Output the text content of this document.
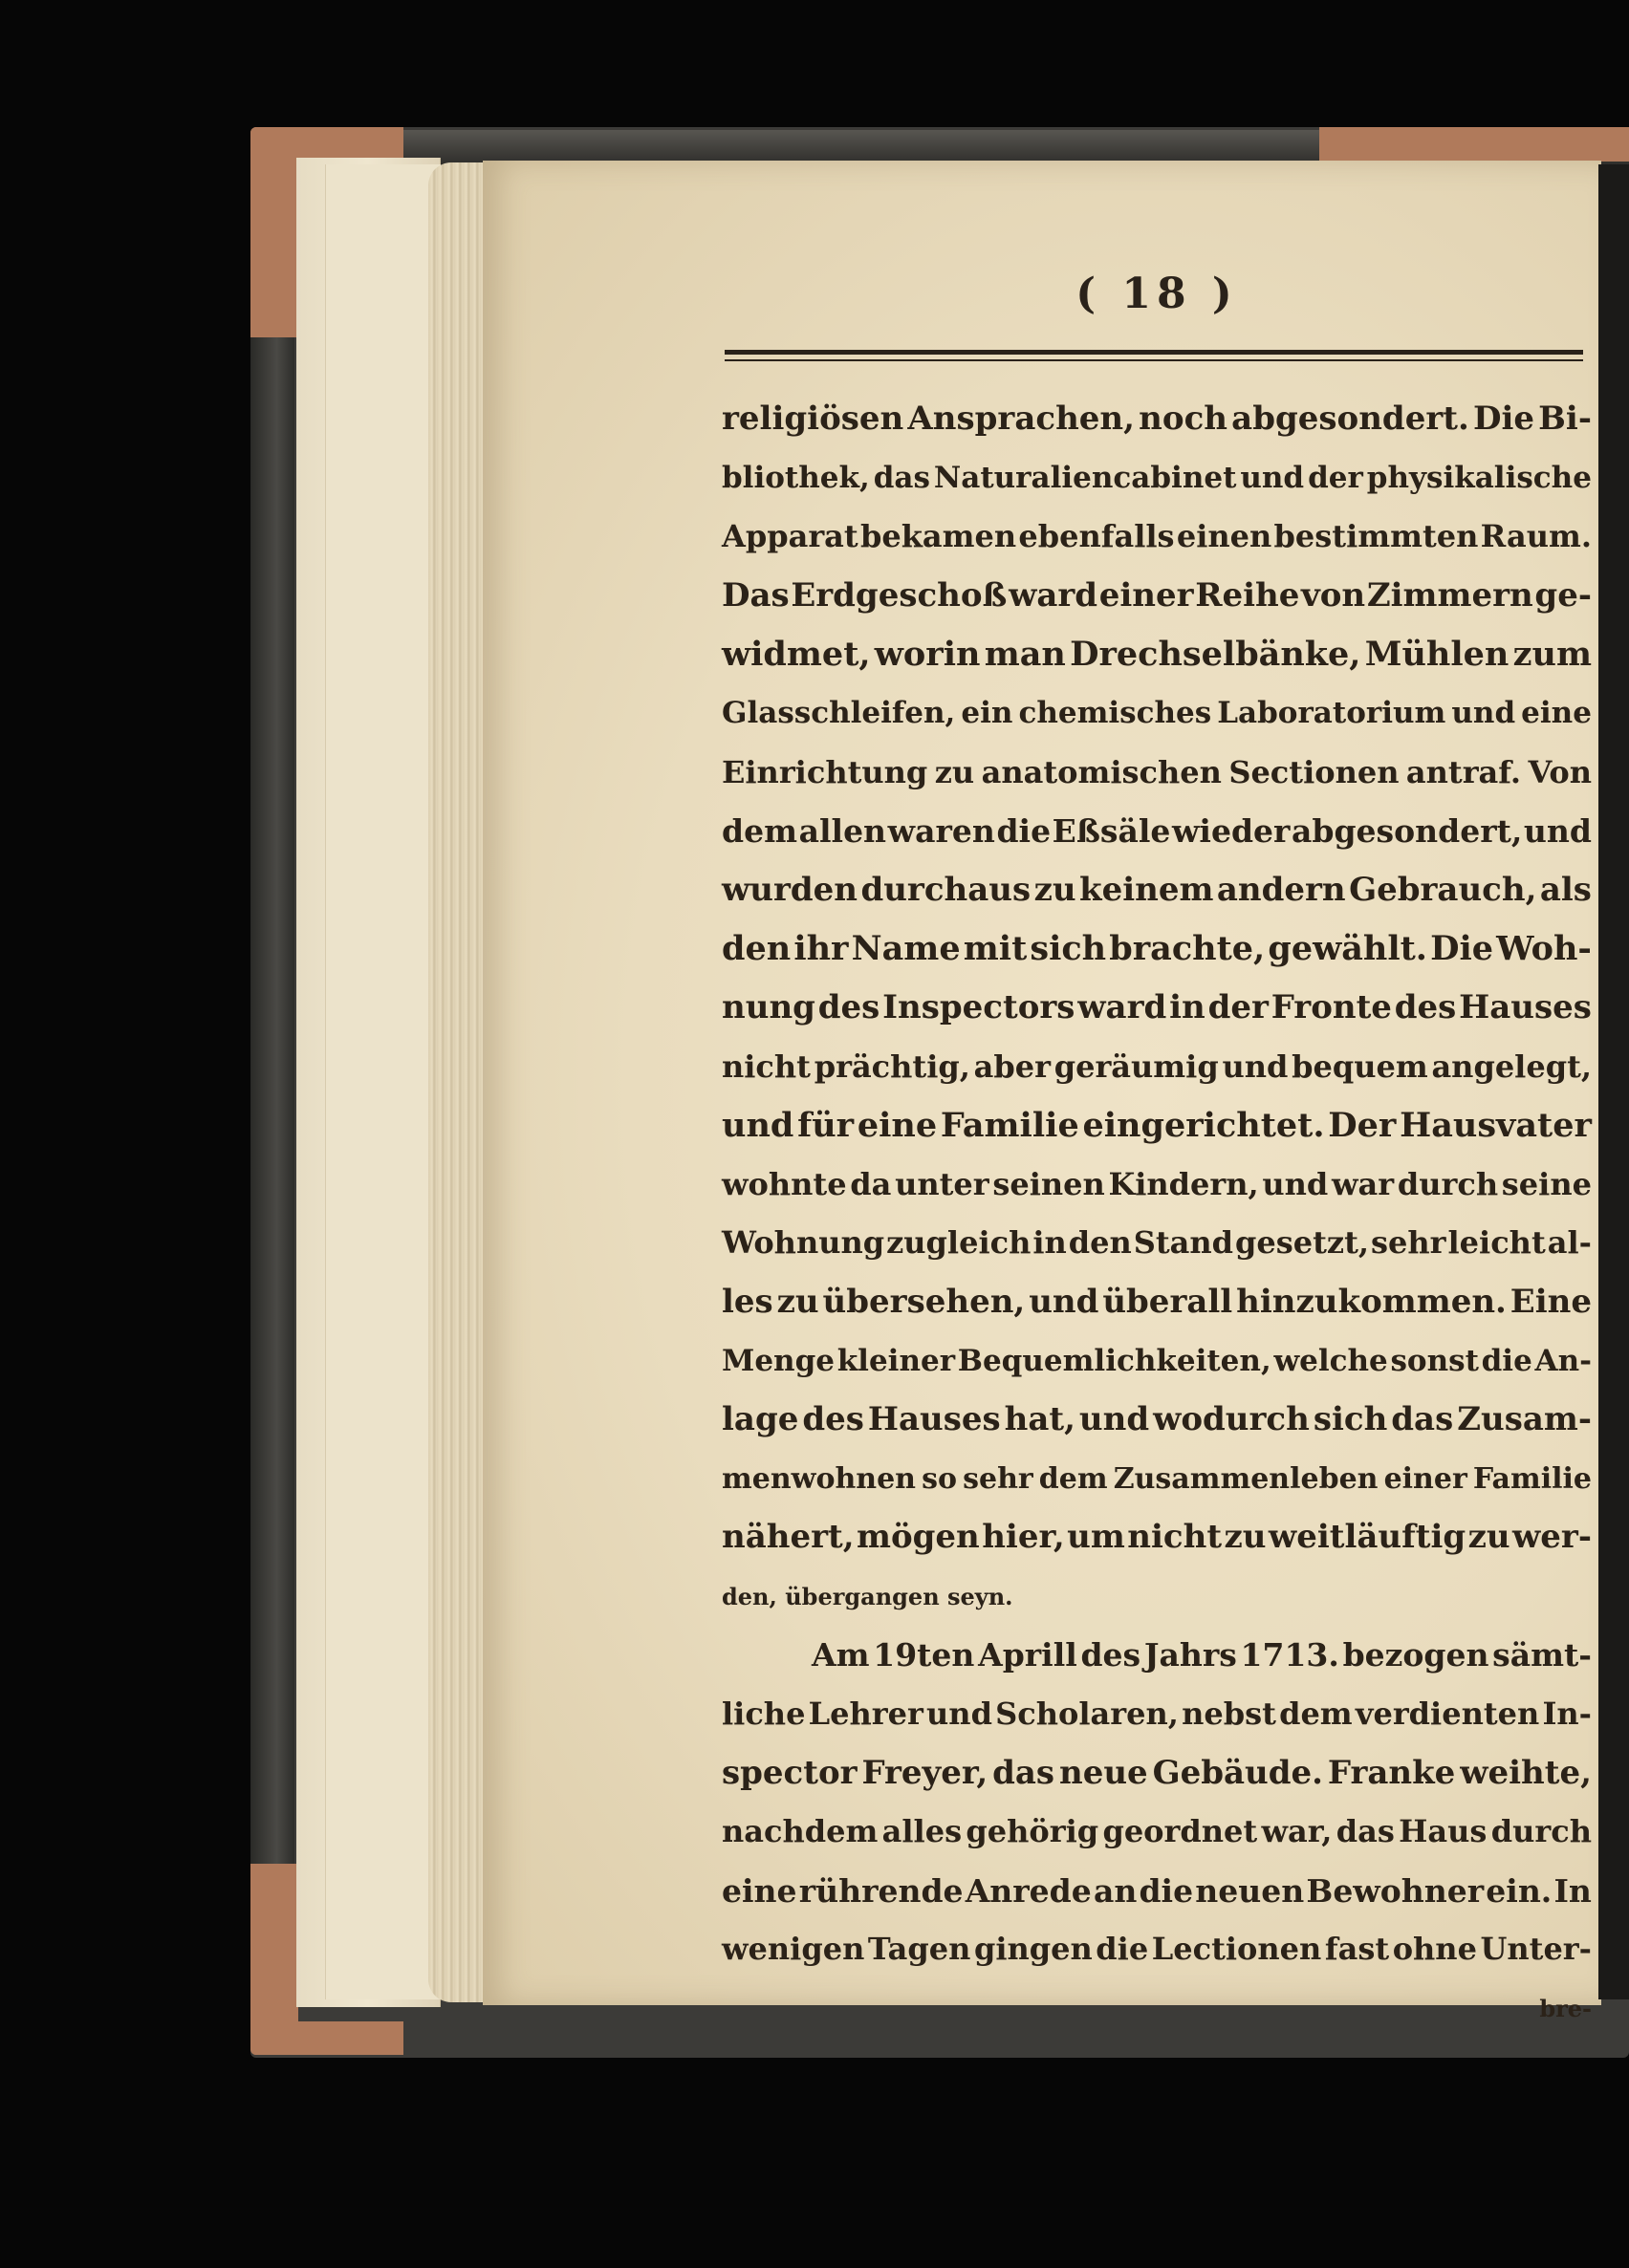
( 18 )
religiösen Ansprachen, noch abgesondert. Die Bi-
bliothek, das Naturaliencabinet und der physikalische
Apparat bekamen ebenfalls einen bestimmten Raum.
Das Erdgeschoß ward einer Reihe von Zimmern ge-
widmet, worin man Drechselbänke, Mühlen zum
Glasschleifen, ein chemisches Laboratorium und eine
Einrichtung zu anatomischen Sectionen antraf. Von
dem allen waren die Eßsäle wieder abgesondert, und
wurden durchaus zu keinem andern Gebrauch, als
den ihr Name mit sich brachte, gewählt. Die Woh-
nung des Inspectors ward in der Fronte des Hauses
nicht prächtig, aber geräumig und bequem angelegt,
und für eine Familie eingerichtet. Der Hausvater
wohnte da unter seinen Kindern, und war durch seine
Wohnung zugleich in den Stand gesetzt, sehr leicht al-
les zu übersehen, und überall hinzukommen. Eine
Menge kleiner Bequemlichkeiten, welche sonst die An-
lage des Hauses hat, und wodurch sich das Zusam-
menwohnen so sehr dem Zusammenleben einer Familie
nähert, mögen hier, um nicht zu weitläuftig zu wer-
den, übergangen seyn.
Am 19ten Aprill des Jahrs 1713. bezogen sämt-
liche Lehrer und Scholaren, nebst dem verdienten In-
spector Freyer, das neue Gebäude. Franke weihte,
nachdem alles gehörig geordnet war, das Haus durch
eine rührende Anrede an die neuen Bewohner ein. In
wenigen Tagen gingen die Lectionen fast ohne Unter-
bre-
